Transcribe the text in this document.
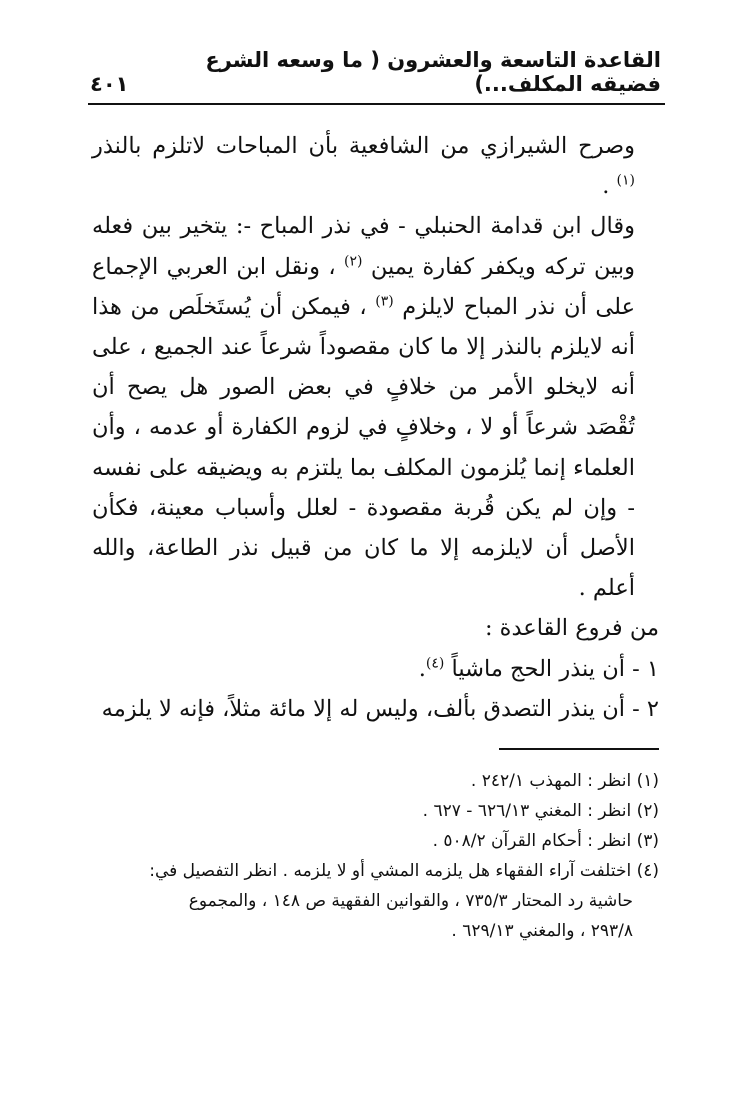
القاعدة التاسعة والعشرون ( ما وسعه الشرع فضيقه المكلف...)
٤٠١

وصرح الشيرازي من الشافعية بأن المباحات لاتلزم بالنذر $^{(١)}$ .

وقال ابن قدامة الحنبلي - في نذر المباح -: يتخير بين فعله وبين تركه ويكفر كفارة يمين $^{(٢)}$ ، ونقل ابن العربي الإجماع على أن نذر المباح لايلزم $^{(٣)}$ ، فيمكن أن يُستَخلَص من هذا أنه لايلزم بالنذر إلا ما كان مقصوداً شرعاً عند الجميع ، على أنه لايخلو الأمر من خلافٍ في بعض الصور هل يصح أن تُقْصَد شرعاً أو لا ، وخلافٍ في لزوم الكفارة أو عدمه ، وأن العلماء إنما يُلزمون المكلف بما يلتزم به ويضيقه على نفسه - وإن لم يكن قُربة مقصودة - لعلل وأسباب معينة، فكأن الأصل أن لايلزمه إلا ما كان من قبيل نذر الطاعة، والله أعلم .

من فروع القاعدة :

١ - أن ينذر الحج ماشياً $^{(٤)}$.

٢ - أن ينذر التصدق بألف، وليس له إلا مائة مثلاً، فإنه لا يلزمه

(١) انظر : المهذب ٢٤٢/١ .

(٢) انظر : المغني ٦٢٦/١٣ - ٦٢٧ .

(٣) انظر : أحكام القرآن ٥٠٨/٢ .

(٤) اختلفت آراء الفقهاء هل يلزمه المشي أو لا يلزمه . انظر التفصيل في:

حاشية رد المحتار ٧٣٥/٣ ، والقوانين الفقهية ص ١٤٨ ، والمجموع

٢٩٣/٨ ، والمغني ٦٢٩/١٣ .
